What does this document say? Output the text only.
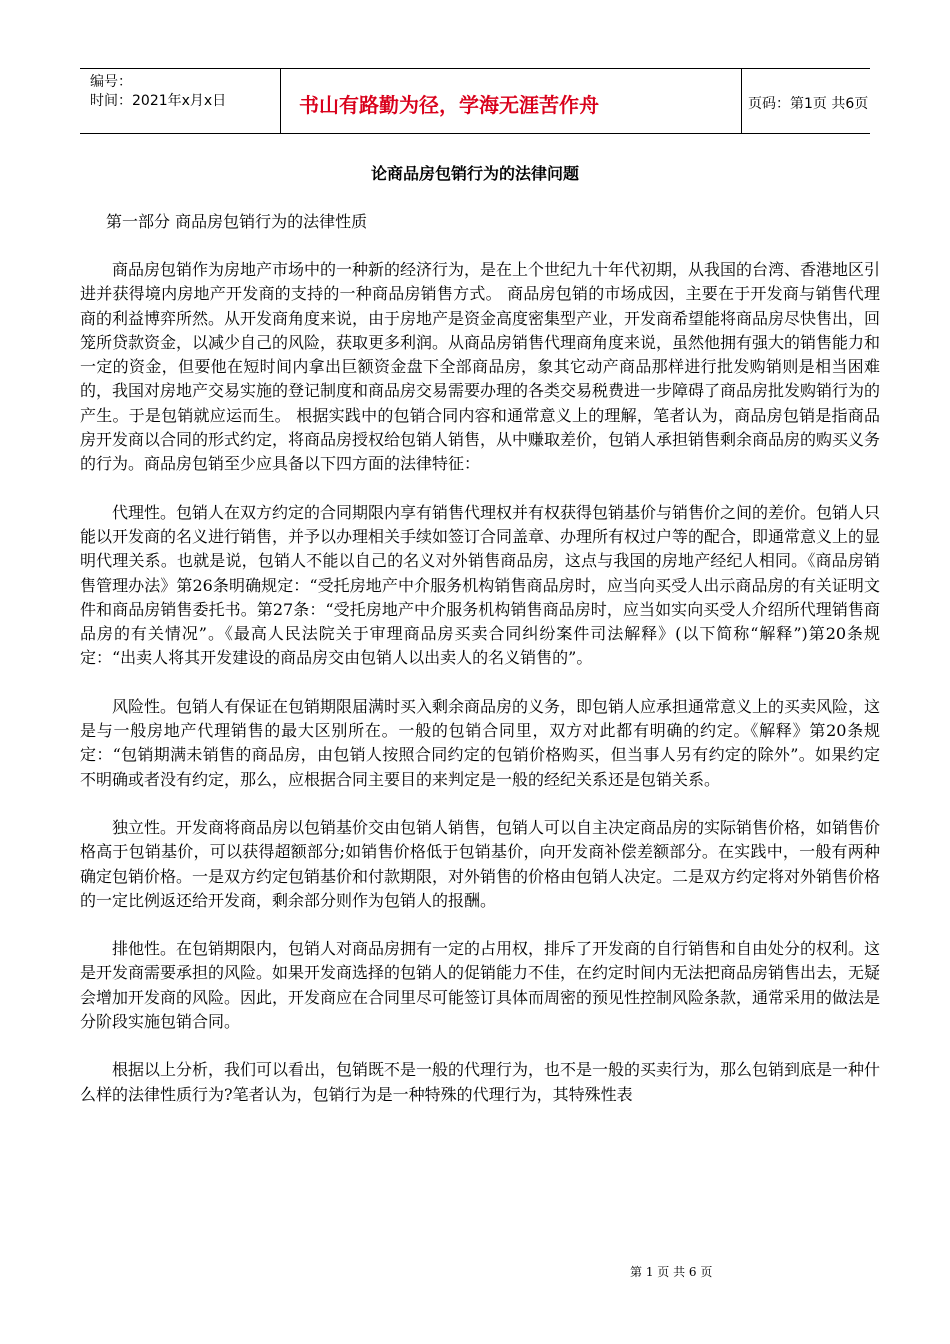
编号：
时间：2021年x月x日	书山有路勤为径，学海无涯苦作舟	页码：第1页 共6页
论商品房包销行为的法律问题
第一部分 商品房包销行为的法律性质

商品房包销作为房地产市场中的一种新的经济行为，是在上个世纪九十年代初期，从我国的台湾、香港地区引进并获得境内房地产开发商的支持的一种商品房销售方式。 商品房包销的市场成因，主要在于开发商与销售代理商的利益博弈所然。从开发商角度来说，由于房地产是资金高度密集型产业，开发商希望能将商品房尽快售出，回笼所贷款资金，以减少自己的风险，获取更多利润。从商品房销售代理商角度来说，虽然他拥有强大的销售能力和一定的资金，但要他在短时间内拿出巨额资金盘下全部商品房，象其它动产商品那样进行批发购销则是相当困难的，我国对房地产交易实施的登记制度和商品房交易需要办理的各类交易税费进一步障碍了商品房批发购销行为的产生。于是包销就应运而生。 根据实践中的包销合同内容和通常意义上的理解，笔者认为，商品房包销是指商品房开发商以合同的形式约定，将商品房授权给包销人销售，从中赚取差价，包销人承担销售剩余商品房的购买义务的行为。商品房包销至少应具备以下四方面的法律特征：

代理性。包销人在双方约定的合同期限内享有销售代理权并有权获得包销基价与销售价之间的差价。包销人只能以开发商的名义进行销售，并予以办理相关手续如签订合同盖章、办理所有权过户等的配合，即通常意义上的显明代理关系。也就是说，包销人不能以自己的名义对外销售商品房，这点与我国的房地产经纪人相同。《商品房销售管理办法》第26条明确规定：“受托房地产中介服务机构销售商品房时，应当向买受人出示商品房的有关证明文件和商品房销售委托书。第27条：“受托房地产中介服务机构销售商品房时，应当如实向买受人介绍所代理销售商品房的有关情况”。《最高人民法院关于审理商品房买卖合同纠纷案件司法解释》(以下简称“解释”)第20条规定：“出卖人将其开发建设的商品房交由包销人以出卖人的名义销售的”。

风险性。包销人有保证在包销期限届满时买入剩余商品房的义务，即包销人应承担通常意义上的买卖风险，这是与一般房地产代理销售的最大区别所在。一般的包销合同里，双方对此都有明确的约定。《解释》第20条规定：“包销期满未销售的商品房，由包销人按照合同约定的包销价格购买，但当事人另有约定的除外”。如果约定不明确或者没有约定，那么，应根据合同主要目的来判定是一般的经纪关系还是包销关系。

独立性。开发商将商品房以包销基价交由包销人销售，包销人可以自主决定商品房的实际销售价格，如销售价格高于包销基价，可以获得超额部分;如销售价格低于包销基价，向开发商补偿差额部分。在实践中，一般有两种确定包销价格。一是双方约定包销基价和付款期限，对外销售的价格由包销人决定。二是双方约定将对外销售价格的一定比例返还给开发商，剩余部分则作为包销人的报酬。

排他性。在包销期限内，包销人对商品房拥有一定的占用权，排斥了开发商的自行销售和自由处分的权利。这是开发商需要承担的风险。如果开发商选择的包销人的促销能力不佳，在约定时间内无法把商品房销售出去，无疑会增加开发商的风险。因此，开发商应在合同里尽可能签订具体而周密的预见性控制风险条款，通常采用的做法是分阶段实施包销合同。

根据以上分析，我们可以看出，包销既不是一般的代理行为，也不是一般的买卖行为，那么包销到底是一种什么样的法律性质行为?笔者认为，包销行为是一种特殊的代理行为，其特殊性表

第 1 页 共 6 页
